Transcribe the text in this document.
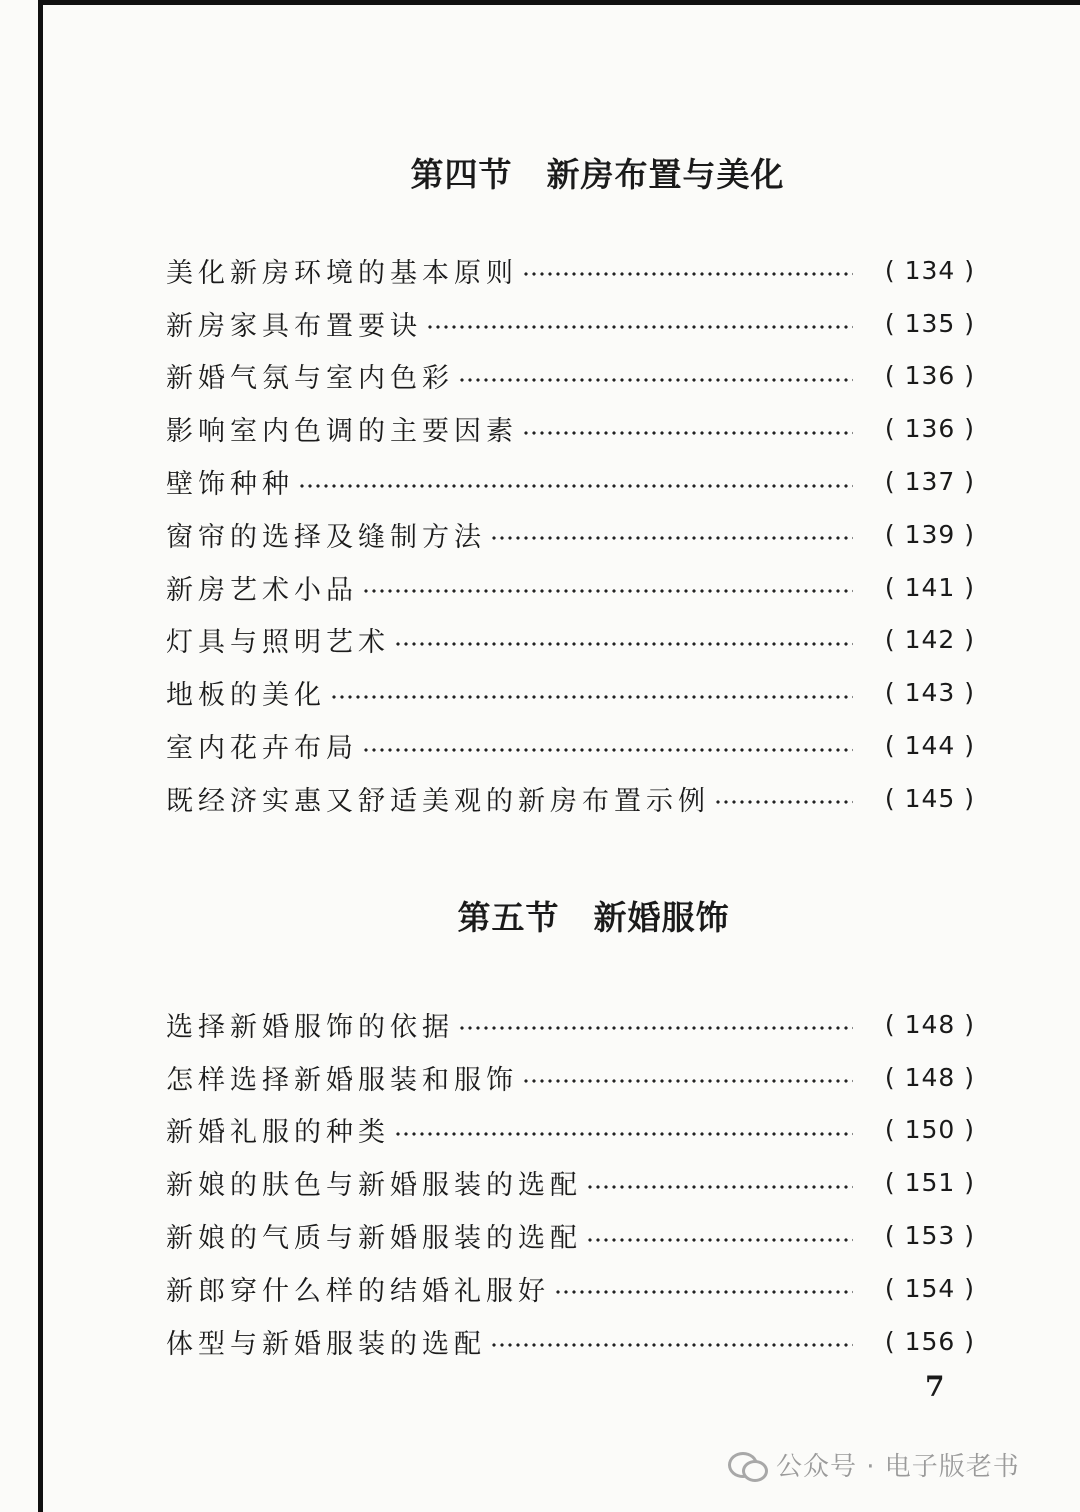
第四节 新房布置与美化
美化新房环境的基本原则	( 134 )
新房家具布置要诀	( 135 )
新婚气氛与室内色彩	( 136 )
影响室内色调的主要因素	( 136 )
壁饰种种	( 137 )
窗帘的选择及缝制方法	( 139 )
新房艺术小品	( 141 )
灯具与照明艺术	( 142 )
地板的美化	( 143 )
室内花卉布局	( 144 )
既经济实惠又舒适美观的新房布置示例	( 145 )
第五节 新婚服饰
选择新婚服饰的依据	( 148 )
怎样选择新婚服装和服饰	( 148 )
新婚礼服的种类	( 150 )
新娘的肤色与新婚服装的选配	( 151 )
新娘的气质与新婚服装的选配	( 153 )
新郎穿什么样的结婚礼服好	( 154 )
体型与新婚服装的选配	( 156 )
7
公众号 · 电子版老书
